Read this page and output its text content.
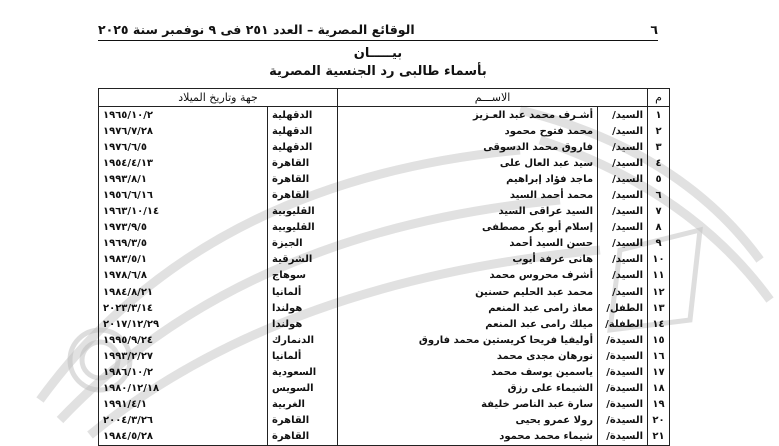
٦
الوقائع المصرية – العدد ٢٥١ فى ٩ نوفمبر سنة ٢٠٢٥
بيـــــان
بأسماء طالبى رد الجنسية المصرية
م	الاســـم		جهة وتاريخ الميلاد	
١	السيد/	أشـرف محمد عبد العـزيز	الدقهلية	١٩٦٥/١٠/٢
٢	السيد/	محمد فتوح محمود	الدقهلية	١٩٧٦/٧/٢٨
٣	السيد/	فاروق محمد الدسوقى	الدقهلية	١٩٧٦/٦/٥
٤	السيد/	سيد عبد العال على	القاهرة	١٩٥٤/٤/١٣
٥	السيد/	ماجد فؤاد إبراهيم	القاهرة	١٩٩٣/٨/١
٦	السيد/	محمد أحمد السيد	القاهرة	١٩٥٦/٦/١٦
٧	السيد/	السيد عراقى السيد	القليوبية	١٩٦٣/١٠/١٤
٨	السيد/	إسلام أبو بكر مصطفى	القليوبية	١٩٧٣/٩/٥
٩	السيد/	حسن السيد أحمد	الجيزة	١٩٦٩/٣/٥
١٠	السيد/	هانى عرفة أيوب	الشرقية	١٩٨٣/٥/١
١١	السيد/	أشرف محروس محمد	سوهاج	١٩٧٨/٦/٨
١٢	السيد/	محمد عبد الحليم حسنين	ألمانيا	١٩٨٤/٨/٢١
١٣	الطفل/	معاذ رامى عبد المنعم	هولندا	٢٠٢٣/٣/١٤
١٤	الطفلة/	ميلك رامى عبد المنعم	هولندا	٢٠١٧/١٢/٢٩
١٥	السيدة/	أوليفيا فريحا كريستين محمد فاروق	الدنمارك	١٩٩٥/٩/٢٤
١٦	السيدة/	نورهان مجدى محمد	ألمانيا	١٩٩٣/٢/٢٧
١٧	السيدة/	ياسمين يوسف محمد	السعودية	١٩٨٦/١٠/٢
١٨	السيدة/	الشيماء على رزق	السويس	١٩٨٠/١٢/١٨
١٩	السيدة/	سارة عبد الناصر خليفة	الغربية	١٩٩١/٤/١
٢٠	السيدة/	رولا عمرو يحيى	القاهرة	٢٠٠٤/٣/٢٦
٢١	السيدة/	شيماء محمد محمود	القاهرة	١٩٨٤/٥/٢٨
